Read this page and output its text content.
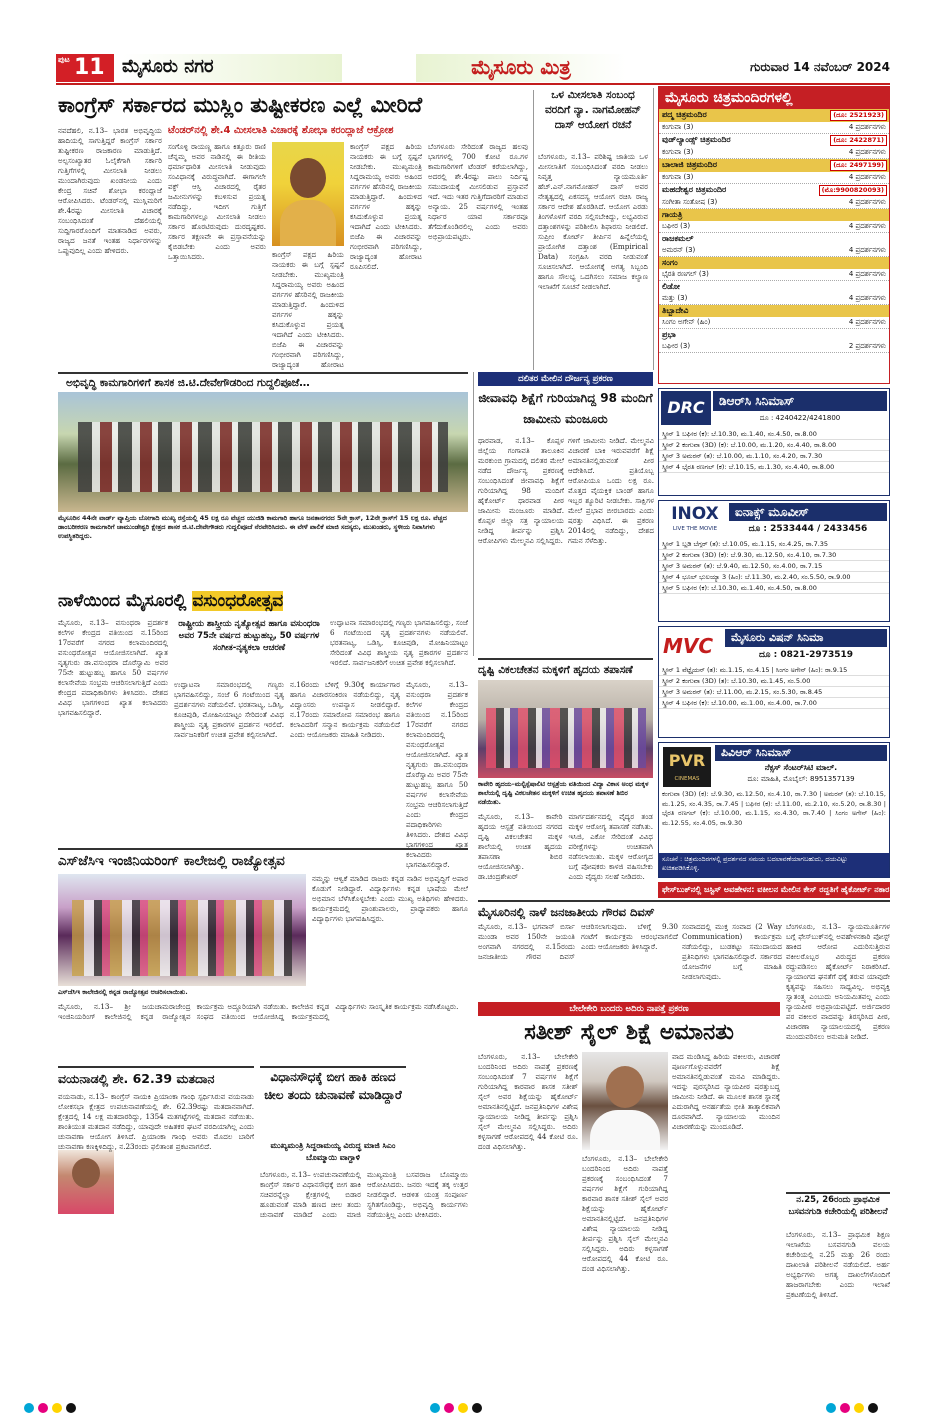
ಪುಟ 11 ಮೈಸೂರು ನಗರ	ಮೈಸೂರು ಮಿತ್ರ	ಗುರುವಾರ 14 ನವೆಂಬರ್ 2024
ಕಾಂಗ್ರೆಸ್ ಸರ್ಕಾರದ ಮುಸ್ಲಿಂ ತುಷ್ಟೀಕರಣ ಎಲ್ಲೆ ಮೀರಿದೆ
ನವದೆಹಲಿ, ನ.13– ಭಾರತ ಅಭಿವೃದ್ಧಿಯ ಹಾದಿಯಲ್ಲಿ ಸಾಗುತ್ತಿದ್ದರೆ ಕಾಂಗ್ರೆಸ್ ಸರ್ಕಾರ ತುಷ್ಟೀಕರಣ ರಾಜಕಾರಣ ಮಾಡುತ್ತಿದೆ. ಅಲ್ಪಸಂಖ್ಯಾತರ ಓಲೈಕೆಗಾಗಿ ಸರ್ಕಾರಿ ಗುತ್ತಿಗೆಗಳಲ್ಲಿ ಮೀಸಲಾತಿ ನೀಡಲು ಮುಂದಾಗಿರುವುದು ಖಂಡನೀಯ ಎಂದು ಕೇಂದ್ರ ಸಚಿವೆ ಶೋಭಾ ಕರಂದ್ಲಾಜೆ ಆರೋಪಿಸಿದರು. ಟೆಂಡರ್‌ನಲ್ಲಿ ಮುಸ್ಲಿಮರಿಗೆ ಶೇ.4ರಷ್ಟು ಮೀಸಲಾತಿ ವಿಚಾರಕ್ಕೆ ಸಂಬಂಧಿಸಿದಂತೆ ದೆಹಲಿಯಲ್ಲಿ ಸುದ್ದಿಗಾರರೊಂದಿಗೆ ಮಾತನಾಡಿದ ಅವರು, ರಾಜ್ಯದ ಜನತೆ ಇಂತಹ ನಿರ್ಧಾರಗಳನ್ನು ಒಪ್ಪುವುದಿಲ್ಲ ಎಂದು ಹೇಳಿದರು.
ಟೆಂಡರ್‌ನಲ್ಲಿ ಶೇ.4 ಮೀಸಲಾತಿ ವಿಚಾರಕ್ಕೆ ಶೋಭಾ ಕರಂದ್ಲಾಜೆ ಆಕ್ರೋಶ
ಸಂಗೊಳ್ಳಿ ರಾಯಣ್ಣ ಹಾಗೂ ಕಿತ್ತೂರು ರಾಣಿ ಚೆನ್ನಮ್ಮ ಅವರ ನಾಡಿನಲ್ಲಿ ಈ ರೀತಿಯ ಧರ್ಮಾಧಾರಿತ ಮೀಸಲಾತಿ ನೀಡುವುದು ಸಂವಿಧಾನಕ್ಕೆ ವಿರುದ್ಧವಾಗಿದೆ. ಈಗಾಗಲೇ ವಕ್ಫ್ ಆಸ್ತಿ ವಿಚಾರದಲ್ಲಿ ರೈತರ ಜಮೀನುಗಳನ್ನು ಕಬಳಿಸುವ ಪ್ರಯತ್ನ ನಡೆದಿದ್ದು, ಇದೀಗ ಗುತ್ತಿಗೆ ಕಾಮಗಾರಿಗಳಲ್ಲೂ ಮೀಸಲಾತಿ ನೀಡಲು ಸರ್ಕಾರ ಹೊರಟಿರುವುದು ದುರದೃಷ್ಟಕರ. ಸರ್ಕಾರ ತಕ್ಷಣವೇ ಈ ಪ್ರಸ್ತಾವನೆಯನ್ನು ಕೈಬಿಡಬೇಕು ಎಂದು ಅವರು ಒತ್ತಾಯಿಸಿದರು.	ಕಾಂಗ್ರೆಸ್ ಪಕ್ಷದ ಹಿರಿಯ ನಾಯಕರು ಈ ಬಗ್ಗೆ ಸ್ಪಷ್ಟನೆ ನೀಡಬೇಕು. ಮುಖ್ಯಮಂತ್ರಿ ಸಿದ್ದರಾಮಯ್ಯ ಅವರು ಅಹಿಂದ ವರ್ಗಗಳ ಹೆಸರಿನಲ್ಲಿ ರಾಜಕೀಯ ಮಾಡುತ್ತಿದ್ದಾರೆ. ಹಿಂದುಳಿದ ವರ್ಗಗಳ ಹಕ್ಕನ್ನು ಕಸಿದುಕೊಳ್ಳುವ ಪ್ರಯತ್ನ ಇದಾಗಿದೆ ಎಂದು ಟೀಕಿಸಿದರು. ಬಿಜೆಪಿ ಈ ವಿಚಾರವನ್ನು ಗಂಭೀರವಾಗಿ ಪರಿಗಣಿಸಿದ್ದು, ರಾಜ್ಯಾದ್ಯಂತ ಹೋರಾಟ
ಕಾಂಗ್ರೆಸ್ ಪಕ್ಷದ ಹಿರಿಯ ನಾಯಕರು ಈ ಬಗ್ಗೆ ಸ್ಪಷ್ಟನೆ ನೀಡಬೇಕು. ಮುಖ್ಯಮಂತ್ರಿ ಸಿದ್ದರಾಮಯ್ಯ ಅವರು ಅಹಿಂದ ವರ್ಗಗಳ ಹೆಸರಿನಲ್ಲಿ ರಾಜಕೀಯ ಮಾಡುತ್ತಿದ್ದಾರೆ. ಹಿಂದುಳಿದ ವರ್ಗಗಳ ಹಕ್ಕನ್ನು ಕಸಿದುಕೊಳ್ಳುವ ಪ್ರಯತ್ನ ಇದಾಗಿದೆ ಎಂದು ಟೀಕಿಸಿದರು. ಬಿಜೆಪಿ ಈ ವಿಚಾರವನ್ನು ಗಂಭೀರವಾಗಿ ಪರಿಗಣಿಸಿದ್ದು, ರಾಜ್ಯಾದ್ಯಂತ ಹೋರಾಟ ರೂಪಿಸಲಿದೆ.
ಬೆಂಗಳೂರು ಸೇರಿದಂತೆ ರಾಜ್ಯದ ಹಲವು ಭಾಗಗಳಲ್ಲಿ 700 ಕೋಟಿ ರೂ.ಗಳ ಕಾಮಗಾರಿಗಳಿಗೆ ಟೆಂಡರ್ ಕರೆಯಲಾಗಿದ್ದು, ಅದರಲ್ಲಿ ಶೇ.4ರಷ್ಟು ಪಾಲು ನಿರ್ದಿಷ್ಟ ಸಮುದಾಯಕ್ಕೆ ಮೀಸಲಿಡುವ ಪ್ರಸ್ತಾವನೆ ಇದೆ. ಇದು ಇತರ ಗುತ್ತಿಗೆದಾರರಿಗೆ ಮಾಡುವ ಅನ್ಯಾಯ. 25 ವರ್ಷಗಳಲ್ಲಿ ಇಂತಹ ನಿರ್ಧಾರ ಯಾವ ಸರ್ಕಾರವೂ ತೆಗೆದುಕೊಂಡಿರಲಿಲ್ಲ ಎಂದು ಅವರು ಅಭಿಪ್ರಾಯಪಟ್ಟರು.
ಒಳ ಮೀಸಲಾತಿ ಸಂಬಂಧ ವರದಿಗೆ ನ್ಯಾ. ನಾಗಮೋಹನ್ ದಾಸ್ ಆಯೋಗ ರಚನೆ
ಬೆಂಗಳೂರು, ನ.13– ಪರಿಶಿಷ್ಟ ಜಾತಿಯ ಒಳ ಮೀಸಲಾತಿಗೆ ಸಂಬಂಧಿಸಿದಂತೆ ವರದಿ ನೀಡಲು ನಿವೃತ್ತ ನ್ಯಾಯಮೂರ್ತಿ ಹೆಚ್.ಎನ್.ನಾಗಮೋಹನ್ ದಾಸ್ ಅವರ ನೇತೃತ್ವದಲ್ಲಿ ಏಕಸದಸ್ಯ ಆಯೋಗ ರಚಿಸಿ ರಾಜ್ಯ ಸರ್ಕಾರ ಆದೇಶ ಹೊರಡಿಸಿದೆ. ಆಯೋಗ ಎರಡು ತಿಂಗಳೊಳಗೆ ವರದಿ ಸಲ್ಲಿಸಬೇಕಿದ್ದು, ಲಭ್ಯವಿರುವ ದತ್ತಾಂಶಗಳನ್ನು ಪರಿಶೀಲಿಸಿ ಶಿಫಾರಸು ನೀಡಲಿದೆ. ಸುಪ್ರೀಂ ಕೋರ್ಟ್ ತೀರ್ಪಿನ ಹಿನ್ನೆಲೆಯಲ್ಲಿ ಪ್ರಾಯೋಗಿಕ ದತ್ತಾಂಶ (Empirical Data) ಸಂಗ್ರಹಿಸಿ ವರದಿ ನೀಡುವಂತೆ ಸೂಚಿಸಲಾಗಿದೆ. ಆಯೋಗಕ್ಕೆ ಅಗತ್ಯ ಸಿಬ್ಬಂದಿ ಹಾಗೂ ಸೌಲಭ್ಯ ಒದಗಿಸಲು ಸಮಾಜ ಕಲ್ಯಾಣ ಇಲಾಖೆಗೆ ಸೂಚನೆ ನೀಡಲಾಗಿದೆ.
ಮೈಸೂರು ಚಿತ್ರಮಂದಿರಗಳಲ್ಲಿ
ಪದ್ಮ ಚಿತ್ರಮಂದಿರ	(ದೂ: 2521923)
ಕಂಗುವಾ (3)	4 ಪ್ರದರ್ಶನಗಳು
ವುಡ್‌ಲ್ಯಾಂಡ್ಸ್ ಚಿತ್ರಮಂದಿರ	(ದೂ: 2422871)
ಕಂಗುವಾ (3)	4 ಪ್ರದರ್ಶನಗಳು
ಬಾಲಾಜಿ ಚಿತ್ರಮಂದಿರ	(ದೂ: 2497199)
ಕಂಗುವಾ (3)	4 ಪ್ರದರ್ಶನಗಳು
ಮಹದೇಶ್ವರ ಚಿತ್ರಮಂದಿರ	(ಮೊ:9900820093)
ಸಂಗೀತಾ ಸಂತೋಷ (3)	4 ಪ್ರದರ್ಶನಗಳು
ಗಾಯತ್ರಿ
ಬಘೀರ (3)	4 ಪ್ರದರ್ಶನಗಳು
ರಾಜಕಮಲ್
ಅಮರನ್ (3)	4 ಪ್ರದರ್ಶನಗಳು
ಸಂಗಂ
ಭೈರತಿ ರಣಗಲ್ (3)	4 ಪ್ರದರ್ಶನಗಳು
ಲಿಡೋ
ಮತ್ತು (3)	4 ಪ್ರದರ್ಶನಗಳು
ತಿಬ್ಬಾದೇವಿ
ಸಿಂಗಂ ಅಗೇನ್ (ಹಿಂ)	4 ಪ್ರದರ್ಶನಗಳು
ಪ್ರಭಾ
ಬಘೀರ (3)	2 ಪ್ರದರ್ಶನಗಳು
DRC	ಡಿಆರ್‌ಸಿ ಸಿನಿಮಾಸ್
ದೂ : 4240422/4241800
ಸ್ಕ್ರೀನ್ 1 ಬಘೀರ (ಕ): ಬೆ.10.30, ಮ.1.40, ಸಂ.4.50, ರಾ.8.00
ಸ್ಕ್ರೀನ್ 2 ಕಂಗುವಾ (3D) (ಕ): ಬೆ.10.00, ಮ.1.20, ಸಂ.4.40, ರಾ.8.00
ಸ್ಕ್ರೀನ್ 3 ಅಮರನ್ (ತ): ಬೆ.10.00, ಮ.1.10, ಸಂ.4.20, ರಾ.7.30
ಸ್ಕ್ರೀನ್ 4 ಭೈರತಿ ರಣಗಲ್ (ಕ): ಬೆ.10.15, ಮ.1.30, ಸಂ.4.40, ರಾ.8.00
INOX
LIVE THE MOVIE
ಐನಾಕ್ಸ್ ಮೂವೀಸ್
ದೂ : 2533444 / 2433456
ಸ್ಕ್ರೀನ್ 1 ಬ್ಲಡಿ ಬೆಗ್ಗರ್ (ತ): ಬೆ.10.05, ಮ.1.15, ಸಂ.4.25, ರಾ.7.35
ಸ್ಕ್ರೀನ್ 2 ಕಂಗುವಾ (3D) (ಕ): ಬೆ.9.30, ಮ.12.50, ಸಂ.4.10, ರಾ.7.30
ಸ್ಕ್ರೀನ್ 3 ಅಮರನ್ (ತ): ಬೆ.9.40, ಮ.12.50, ಸಂ.4.00, ರಾ.7.15
ಸ್ಕ್ರೀನ್ 4 ಭೂಲ್ ಭುಲಯ್ಯಾ 3 (ಹಿಂ): ಬೆ.11.30, ಮ.2.40, ಸಂ.5.50, ರಾ.9.00
ಸ್ಕ್ರೀನ್ 5 ಬಘೀರ (ಕ): ಬೆ.10.30, ಮ.1.40, ಸಂ.4.50, ರಾ.8.00
MVC	ಮೈಸೂರು ವಿಷನ್ ಸಿನಿಮಾ
ದೂ : 0821-2973519
ಸ್ಕ್ರೀನ್ 1 ವೆಟ್ಟೈಯನ್ (ತ): ಮ.1.15, ಸಂ.4.15 | ಸಿಂಗಂ ಅಗೇನ್ (ಹಿಂ): ರಾ.9.15
ಸ್ಕ್ರೀನ್ 2 ಕಂಗುವಾ (3D) (ತ): ಬೆ.10.30, ಮ.1.45, ಸಂ.5.00
ಸ್ಕ್ರೀನ್ 3 ಅಮರನ್ (ತ): ಬೆ.11.00, ಮ.2.15, ಸಂ.5.30, ರಾ.8.45
ಸ್ಕ್ರೀನ್ 4 ಬಘೀರ (ಕ): ಬೆ.10.00, ಮ.1.00, ಸಂ.4.00, ರಾ.7.00
PVR
CINEMAS
ಪಿವಿಆರ್ ಸಿನಿಮಾಸ್
ನೆಕ್ಸಸ್ ಸೆಂಟರ್‌ಸಿಟಿ ಮಾಲ್.
ದೂ: ಮಾಹಿತಿ, ಮೊಬೈಲ್: 8951357139
ಕಂಗುವಾ (3D) (ಕ): ಬೆ.9.30, ಮ.12.50, ಸಂ.4.10, ರಾ.7.30 | ಅಮರನ್ (ತ): ಬೆ.10.15, ಮ.1.25, ಸಂ.4.35, ರಾ.7.45 | ಬಘೀರ (ಕ): ಬೆ.11.00, ಮ.2.10, ಸಂ.5.20, ರಾ.8.30 | ಭೈರತಿ ರಣಗಲ್ (ಕ): ಬೆ.10.00, ಮ.1.15, ಸಂ.4.30, ರಾ.7.40 | ಸಿಂಗಂ ಅಗೇನ್ (ಹಿಂ): ಮ.12.55, ಸಂ.4.05, ರಾ.9.30
ಸೂಚನೆ : ಚಿತ್ರಮಂದಿರಗಳಲ್ಲಿ ಪ್ರದರ್ಶನದ ಸಮಯ ಬದಲಾವಣೆಯಾಗಬಹುದು, ದಯವಿಟ್ಟು ಖಚಿತಪಡಿಸಿಕೊಳ್ಳಿ.
ಅಭಿವೃದ್ಧಿ ಕಾಮಗಾರಿಗಳಿಗೆ ಶಾಸಕ ಜಿ.ಟಿ.ದೇವೇಗೌಡರಿಂದ ಗುದ್ದಲಿಪೂಜೆ…
ಮೈಸೂರಿನ 44ನೇ ವಾರ್ಡ್ ವ್ಯಾಪ್ತಿಯ ಬೋಗಾದಿ ಮುಖ್ಯ ರಸ್ತೆಯಲ್ಲಿ 45 ಲಕ್ಷ ರೂ ವೆಚ್ಚದ ಯುಜಿಡಿ ಕಾಮಗಾರಿ ಹಾಗೂ ಜನತಾನಗರದ 5ನೇ ಕ್ರಾಸ್, 12ನೇ ಕ್ರಾಸ್‌ಗೆ 15 ಲಕ್ಷ ರೂ. ವೆಚ್ಚದ ಡಾಂಬರೀಕರಣ ಕಾಮಗಾರಿಗೆ ಚಾಮುಂಡೇಶ್ವರಿ ಕ್ಷೇತ್ರದ ಶಾಸಕ ಜಿ.ಟಿ.ದೇವೇಗೌಡರು ಗುದ್ದಲಿಪೂಜೆ ನೆರವೇರಿಸಿದರು. ಈ ವೇಳೆ ಪಾಲಿಕೆ ಮಾಜಿ ಸದಸ್ಯರು, ಮುಖಂಡರು, ಸ್ಥಳೀಯ ನಿವಾಸಿಗಳು ಉಪಸ್ಥಿತರಿದ್ದರು.
ದಲಿತರ ಮೇಲಿನ ದೌರ್ಜನ್ಯ ಪ್ರಕರಣ
ಜೀವಾವಧಿ ಶಿಕ್ಷೆಗೆ ಗುರಿಯಾಗಿದ್ದ 98 ಮಂದಿಗೆ ಜಾಮೀನು ಮಂಜೂರು
ಧಾರವಾಡ, ನ.13– ಕೊಪ್ಪಳ ಜಿಲ್ಲೆಯ ಗಂಗಾವತಿ ತಾಲೂಕಿನ ಮರಕುಂಬಿ ಗ್ರಾಮದಲ್ಲಿ ದಲಿತರ ಮೇಲೆ ನಡೆದ ದೌರ್ಜನ್ಯ ಪ್ರಕರಣಕ್ಕೆ ಸಂಬಂಧಿಸಿದಂತೆ ಜೀವಾವಧಿ ಶಿಕ್ಷೆಗೆ ಗುರಿಯಾಗಿದ್ದ 98 ಮಂದಿಗೆ ಹೈಕೋರ್ಟ್ ಧಾರವಾಡ ಪೀಠ ಜಾಮೀನು ಮಂಜೂರು ಮಾಡಿದೆ. ಕೊಪ್ಪಳ ಜಿಲ್ಲಾ ಸತ್ರ ನ್ಯಾಯಾಲಯ ನೀಡಿದ್ದ ತೀರ್ಪನ್ನು ಪ್ರಶ್ನಿಸಿ ಆರೋಪಿಗಳು ಮೇಲ್ಮನವಿ ಸಲ್ಲಿಸಿದ್ದರು.
ಗಳಿಗೆ ಜಾಮೀನು ನೀಡಿದೆ. ಮೇಲ್ಮನವಿ ವಿಚಾರಣೆ ಬಾಕಿ ಇರುವವರೆಗೆ ಶಿಕ್ಷೆ ಅಮಾನತಿನಲ್ಲಿಡುವಂತೆ ಪೀಠ ಆದೇಶಿಸಿದೆ. ಪ್ರತಿಯೊಬ್ಬ ಆರೋಪಿಯೂ ಒಂದು ಲಕ್ಷ ರೂ. ಮೊತ್ತದ ವೈಯಕ್ತಿಕ ಬಾಂಡ್ ಹಾಗೂ ಇಬ್ಬರ ಶ್ಯೂರಿಟಿ ನೀಡಬೇಕು. ಸಾಕ್ಷಿಗಳ ಮೇಲೆ ಪ್ರಭಾವ ಬೀರಬಾರದು ಎಂದು ಷರತ್ತು ವಿಧಿಸಿದೆ. ಈ ಪ್ರಕರಣ 2014ರಲ್ಲಿ ನಡೆದಿದ್ದು, ದೇಶದ ಗಮನ ಸೆಳೆದಿತ್ತು.
ನಾಳೆಯಿಂದ ಮೈಸೂರಲ್ಲಿ ವಸುಂಧರೋತ್ಸವ
ಮೈಸೂರು, ನ.13– ವಸುಂಧರಾ ಪ್ರದರ್ಶಕ ಕಲೆಗಳ ಕೇಂದ್ರದ ವತಿಯಿಂದ ನ.15ರಿಂದ 17ರವರೆಗೆ ನಗರದ ಕಲಾಮಂದಿರದಲ್ಲಿ ವಸುಂಧರೋತ್ಸವ ಆಯೋಜಿಸಲಾಗಿದೆ. ಖ್ಯಾತ ನೃತ್ಯಗುರು ಡಾ.ವಸುಂಧರಾ ದೊರೆಸ್ವಾಮಿ ಅವರ 75ನೇ ಹುಟ್ಟುಹಬ್ಬ ಹಾಗೂ 50 ವರ್ಷಗಳ ಕಲಾಸೇವೆಯ ಸಂಭ್ರಮ ಆಚರಿಸಲಾಗುತ್ತಿದೆ ಎಂದು ಕೇಂದ್ರದ ಪದಾಧಿಕಾರಿಗಳು ತಿಳಿಸಿದರು. ದೇಶದ ವಿವಿಧ ಭಾಗಗಳಿಂದ ಖ್ಯಾತ ಕಲಾವಿದರು ಭಾಗವಹಿಸಲಿದ್ದಾರೆ.
ರಾಷ್ಟ್ರೀಯ ಶಾಸ್ತ್ರೀಯ ನೃತ್ಯೋತ್ಸವ ಹಾಗೂ ವಸುಂಧರಾ ಅವರ 75ನೇ ವರ್ಷದ ಹುಟ್ಟುಹಬ್ಬ, 50 ವರ್ಷಗಳ ಸಂಗೀತ-ನೃತ್ಯಕಲಾ ಆಚರಣೆ
ಉದ್ಘಾಟನಾ ಸಮಾರಂಭದಲ್ಲಿ ಗಣ್ಯರು ಭಾಗವಹಿಸಲಿದ್ದು, ಸಂಜೆ 6 ಗಂಟೆಯಿಂದ ನೃತ್ಯ ಪ್ರದರ್ಶನಗಳು ನಡೆಯಲಿವೆ. ಭರತನಾಟ್ಯ, ಒಡಿಸ್ಸಿ, ಕೂಚಿಪುಡಿ, ಮೋಹಿನಿಯಾಟ್ಟಂ ಸೇರಿದಂತೆ ವಿವಿಧ ಶಾಸ್ತ್ರೀಯ ನೃತ್ಯ ಪ್ರಕಾರಗಳ ಪ್ರದರ್ಶನ ಇರಲಿದೆ. ಸಾರ್ವಜನಿಕರಿಗೆ ಉಚಿತ ಪ್ರವೇಶ ಕಲ್ಪಿಸಲಾಗಿದೆ.
ನ.16ರಂದು ಬೆಳಿಗ್ಗೆ 9.30ಕ್ಕೆ ಕಾರ್ಯಾಗಾರ ಹಾಗೂ ವಿಚಾರಸಂಕಿರಣ ನಡೆಯಲಿದ್ದು, ನೃತ್ಯ ವಿದ್ವಾಂಸರು ಉಪನ್ಯಾಸ ನೀಡಲಿದ್ದಾರೆ. ನ.17ರಂದು ಸಮಾರೋಪ ಸಮಾರಂಭ ಹಾಗೂ ಕಲಾವಿದರಿಗೆ ಸನ್ಮಾನ ಕಾರ್ಯಕ್ರಮ ನಡೆಯಲಿದೆ ಎಂದು ಆಯೋಜಕರು ಮಾಹಿತಿ ನೀಡಿದರು.
ಉದ್ಘಾಟನಾ ಸಮಾರಂಭದಲ್ಲಿ ಗಣ್ಯರು ಭಾಗವಹಿಸಲಿದ್ದು, ಸಂಜೆ 6 ಗಂಟೆಯಿಂದ ನೃತ್ಯ ಪ್ರದರ್ಶನಗಳು ನಡೆಯಲಿವೆ. ಭರತನಾಟ್ಯ, ಒಡಿಸ್ಸಿ, ಕೂಚಿಪುಡಿ, ಮೋಹಿನಿಯಾಟ್ಟಂ ಸೇರಿದಂತೆ ವಿವಿಧ ಶಾಸ್ತ್ರೀಯ ನೃತ್ಯ ಪ್ರಕಾರಗಳ ಪ್ರದರ್ಶನ ಇರಲಿದೆ. ಸಾರ್ವಜನಿಕರಿಗೆ ಉಚಿತ ಪ್ರವೇಶ ಕಲ್ಪಿಸಲಾಗಿದೆ.
ಮೈಸೂರು, ನ.13– ವಸುಂಧರಾ ಪ್ರದರ್ಶಕ ಕಲೆಗಳ ಕೇಂದ್ರದ ವತಿಯಿಂದ ನ.15ರಿಂದ 17ರವರೆಗೆ ನಗರದ ಕಲಾಮಂದಿರದಲ್ಲಿ ವಸುಂಧರೋತ್ಸವ ಆಯೋಜಿಸಲಾಗಿದೆ. ಖ್ಯಾತ ನೃತ್ಯಗುರು ಡಾ.ವಸುಂಧರಾ ದೊರೆಸ್ವಾಮಿ ಅವರ 75ನೇ ಹುಟ್ಟುಹಬ್ಬ ಹಾಗೂ 50 ವರ್ಷಗಳ ಕಲಾಸೇವೆಯ ಸಂಭ್ರಮ ಆಚರಿಸಲಾಗುತ್ತಿದೆ ಎಂದು ಕೇಂದ್ರದ ಪದಾಧಿಕಾರಿಗಳು ತಿಳಿಸಿದರು. ದೇಶದ ವಿವಿಧ ಭಾಗಗಳಿಂದ ಖ್ಯಾತ ಕಲಾವಿದರು ಭಾಗವಹಿಸಲಿದ್ದಾರೆ.
ದೃಷ್ಟಿ ವಿಕಲಚೇತನ ಮಕ್ಕಳಿಗೆ ಹೃದಯ ತಪಾಸಣೆ
ಕಾವೇರಿ ಹೃದಯ–ಮಲ್ಟಿಸ್ಪೆಷಾಲಿಟಿ ಆಸ್ಪತ್ರೆಯ ವತಿಯಿಂದ ವಿದ್ಯಾ ವಿಕಾಸ ಅಂಧ ಮಕ್ಕಳ ಶಾಲೆಯಲ್ಲಿ ದೃಷ್ಟಿ ವಿಕಲಚೇತನ ಮಕ್ಕಳಿಗೆ ಉಚಿತ ಹೃದಯ ತಪಾಸಣೆ ಶಿಬಿರ ನಡೆಯಿತು.
ಮೈಸೂರು, ನ.13– ಕಾವೇರಿ ಹೃದಯ ಆಸ್ಪತ್ರೆ ವತಿಯಿಂದ ನಗರದ ದೃಷ್ಟಿ ವಿಕಲಚೇತನ ಮಕ್ಕಳ ಶಾಲೆಯಲ್ಲಿ ಉಚಿತ ಹೃದಯ ತಪಾಸಣಾ ಶಿಬಿರ ಆಯೋಜಿಸಲಾಗಿತ್ತು. ಡಾ.ಚಂದ್ರಶೇಖರ್ ಮಾರ್ಗದರ್ಶನದಲ್ಲಿ ವೈದ್ಯರ ತಂಡ ಮಕ್ಕಳ ಆರೋಗ್ಯ ತಪಾಸಣೆ ನಡೆಸಿತು. ಇಸಿಜಿ, ಎಕೋ ಸೇರಿದಂತೆ ವಿವಿಧ ಪರೀಕ್ಷೆಗಳನ್ನು ಉಚಿತವಾಗಿ ನಡೆಸಲಾಯಿತು. ಮಕ್ಕಳ ಆರೋಗ್ಯದ ಬಗ್ಗೆ ಪೋಷಕರು ಕಾಳಜಿ ವಹಿಸಬೇಕು ಎಂದು ವೈದ್ಯರು ಸಲಹೆ ನೀಡಿದರು.
ಎಸ್‌ಜೆಸಿಇ ಇಂಜಿನಿಯರಿಂಗ್ ಕಾಲೇಜಲ್ಲಿ ರಾಜ್ಯೋತ್ಸವ
ಎಸ್‌ಜೆಸಿಇ ಕಾಲೇಜಿನಲ್ಲಿ ಕನ್ನಡ ರಾಜ್ಯೋತ್ಸವ ಆಚರಿಸಲಾಯಿತು.
ನಮ್ಮನ್ನು ಆಳ್ವಿಕೆ ಮಾಡಿದ ರಾಜರು ಕನ್ನಡ ನಾಡಿನ ಅಭಿವೃದ್ಧಿಗೆ ಅಪಾರ ಕೊಡುಗೆ ನೀಡಿದ್ದಾರೆ. ವಿದ್ಯಾರ್ಥಿಗಳು ಕನ್ನಡ ಭಾಷೆಯ ಮೇಲೆ ಅಭಿಮಾನ ಬೆಳೆಸಿಕೊಳ್ಳಬೇಕು ಎಂದು ಮುಖ್ಯ ಅತಿಥಿಗಳು ಹೇಳಿದರು. ಕಾರ್ಯಕ್ರಮದಲ್ಲಿ ಪ್ರಾಂಶುಪಾಲರು, ಪ್ರಾಧ್ಯಾಪಕರು ಹಾಗೂ ವಿದ್ಯಾರ್ಥಿಗಳು ಭಾಗವಹಿಸಿದ್ದರು.
ಮೈಸೂರು, ನ.13– ಶ್ರೀ ಜಯಚಾಮರಾಜೇಂದ್ರ ಇಂಜಿನಿಯರಿಂಗ್ ಕಾಲೇಜಿನಲ್ಲಿ ಕನ್ನಡ ರಾಜ್ಯೋತ್ಸವ ಕಾರ್ಯಕ್ರಮ ಅದ್ದೂರಿಯಾಗಿ ನಡೆಯಿತು. ಕಾಲೇಜಿನ ಕನ್ನಡ ಸಂಘದ ವತಿಯಿಂದ ಆಯೋಜಿಸಿದ್ದ ಕಾರ್ಯಕ್ರಮದಲ್ಲಿ ವಿದ್ಯಾರ್ಥಿಗಳು ಸಾಂಸ್ಕೃತಿಕ ಕಾರ್ಯಕ್ರಮ ನಡೆಸಿಕೊಟ್ಟರು.
ಮೈಸೂರಿನಲ್ಲಿ ನಾಳೆ ಜನಜಾತೀಯ ಗೌರವ ದಿವಸ್
ಮೈಸೂರು, ನ.13– ಭಗವಾನ್ ಬಿರ್ಸಾ ಮುಂಡಾ ಅವರ 150ನೇ ಜಯಂತಿ ಅಂಗವಾಗಿ ನಗರದಲ್ಲಿ ನ.15ರಂದು ಜನಜಾತೀಯ ಗೌರವ ದಿವಸ್ ಆಚರಿಸಲಾಗುವುದು. ಬೆಳಿಗ್ಗೆ 9.30 ಗಂಟೆಗೆ ಕಾರ್ಯಕ್ರಮ ಆರಂಭವಾಗಲಿದೆ ಎಂದು ಆಯೋಜಕರು ತಿಳಿಸಿದ್ದಾರೆ.
ಸಂವಾದದಲ್ಲಿ ಮುಕ್ತ ಸಂವಾದ (2 Way Communication) ಕಾರ್ಯಕ್ರಮ ನಡೆಯಲಿದ್ದು, ಬುಡಕಟ್ಟು ಸಮುದಾಯದ ಪ್ರತಿನಿಧಿಗಳು ಭಾಗವಹಿಸಲಿದ್ದಾರೆ. ಸರ್ಕಾರದ ಯೋಜನೆಗಳ ಬಗ್ಗೆ ಮಾಹಿತಿ ನೀಡಲಾಗುವುದು.
ಫೇಸ್‌ಬುಕ್‌ನಲ್ಲಿ ಜಸ್ಟಿಸ್ ಅವಹೇಳನ: ವಕೀಲನ ಮೇಲಿನ ಕೇಸ್ ರದ್ದತಿಗೆ ಹೈಕೋರ್ಟ್ ನಕಾರ
ಬೆಂಗಳೂರು, ನ.13– ನ್ಯಾಯಮೂರ್ತಿಗಳ ಬಗ್ಗೆ ಫೇಸ್‌ಬುಕ್‌ನಲ್ಲಿ ಅವಹೇಳನಕಾರಿ ಪೋಸ್ಟ್ ಹಾಕಿದ ಆರೋಪ ಎದುರಿಸುತ್ತಿರುವ ವಕೀಲರೊಬ್ಬರ ವಿರುದ್ಧದ ಪ್ರಕರಣ ರದ್ದುಪಡಿಸಲು ಹೈಕೋರ್ಟ್ ನಿರಾಕರಿಸಿದೆ. ನ್ಯಾಯಾಂಗದ ಘನತೆಗೆ ಧಕ್ಕೆ ತರುವ ಯಾವುದೇ ಕೃತ್ಯವನ್ನು ಸಹಿಸಲು ಸಾಧ್ಯವಿಲ್ಲ. ಅಭಿವ್ಯಕ್ತಿ ಸ್ವಾತಂತ್ರ್ಯ ಎಂಬುದು ಅನಿಯಮಿತವಲ್ಲ ಎಂದು ನ್ಯಾಯಪೀಠ ಅಭಿಪ್ರಾಯಪಟ್ಟಿದೆ. ಅರ್ಜಿದಾರರ ಪರ ವಕೀಲರ ವಾದವನ್ನು ತಿರಸ್ಕರಿಸಿದ ಪೀಠ, ವಿಚಾರಣಾ ನ್ಯಾಯಾಲಯದಲ್ಲಿ ಪ್ರಕರಣ ಮುಂದುವರಿಸಲು ಅನುಮತಿ ನೀಡಿದೆ.
ಬೇಲೇಕೇರಿ ಬಂದರು ಅದಿರು ನಾಪತ್ತೆ ಪ್ರಕರಣ
ಸತೀಶ್ ಸೈಲ್ ಶಿಕ್ಷೆ ಅಮಾನತು
ಬೆಂಗಳೂರು, ನ.13– ಬೇಲೇಕೇರಿ ಬಂದರಿನಿಂದ ಅದಿರು ನಾಪತ್ತೆ ಪ್ರಕರಣಕ್ಕೆ ಸಂಬಂಧಿಸಿದಂತೆ 7 ವರ್ಷಗಳ ಶಿಕ್ಷೆಗೆ ಗುರಿಯಾಗಿದ್ದ ಕಾರವಾರ ಶಾಸಕ ಸತೀಶ್ ಸೈಲ್ ಅವರ ಶಿಕ್ಷೆಯನ್ನು ಹೈಕೋರ್ಟ್ ಅಮಾನತಿನಲ್ಲಿಟ್ಟಿದೆ. ಜನಪ್ರತಿನಿಧಿಗಳ ವಿಶೇಷ ನ್ಯಾಯಾಲಯ ನೀಡಿದ್ದ ತೀರ್ಪನ್ನು ಪ್ರಶ್ನಿಸಿ ಸೈಲ್ ಮೇಲ್ಮನವಿ ಸಲ್ಲಿಸಿದ್ದರು. ಅದಿರು ಕಳ್ಳಸಾಗಣೆ ಆರೋಪದಲ್ಲಿ 44 ಕೋಟಿ ರೂ. ದಂಡ ವಿಧಿಸಲಾಗಿತ್ತು.
ಬೆಂಗಳೂರು, ನ.13– ಬೇಲೇಕೇರಿ ಬಂದರಿನಿಂದ ಅದಿರು ನಾಪತ್ತೆ ಪ್ರಕರಣಕ್ಕೆ ಸಂಬಂಧಿಸಿದಂತೆ 7 ವರ್ಷಗಳ ಶಿಕ್ಷೆಗೆ ಗುರಿಯಾಗಿದ್ದ ಕಾರವಾರ ಶಾಸಕ ಸತೀಶ್ ಸೈಲ್ ಅವರ ಶಿಕ್ಷೆಯನ್ನು ಹೈಕೋರ್ಟ್ ಅಮಾನತಿನಲ್ಲಿಟ್ಟಿದೆ. ಜನಪ್ರತಿನಿಧಿಗಳ ವಿಶೇಷ ನ್ಯಾಯಾಲಯ ನೀಡಿದ್ದ ತೀರ್ಪನ್ನು ಪ್ರಶ್ನಿಸಿ ಸೈಲ್ ಮೇಲ್ಮನವಿ ಸಲ್ಲಿಸಿದ್ದರು. ಅದಿರು ಕಳ್ಳಸಾಗಣೆ ಆರೋಪದಲ್ಲಿ 44 ಕೋಟಿ ರೂ. ದಂಡ ವಿಧಿಸಲಾಗಿತ್ತು.
ವಾದ ಮಂಡಿಸಿದ್ದ ಹಿರಿಯ ವಕೀಲರು, ವಿಚಾರಣೆ ಪೂರ್ಣಗೊಳ್ಳುವವರೆಗೆ ಶಿಕ್ಷೆ ಅಮಾನತಿನಲ್ಲಿಡುವಂತೆ ಮನವಿ ಮಾಡಿದ್ದರು. ಇದನ್ನು ಪುರಸ್ಕರಿಸಿದ ನ್ಯಾಯಪೀಠ ಷರತ್ತುಬದ್ಧ ಜಾಮೀನು ನೀಡಿದೆ. ಈ ಮೂಲಕ ಶಾಸಕ ಸ್ಥಾನಕ್ಕೆ ಎದುರಾಗಿದ್ದ ಅನರ್ಹತೆಯ ಭೀತಿ ತಾತ್ಕಾಲಿಕವಾಗಿ ದೂರವಾಗಿದೆ. ನ್ಯಾಯಾಲಯ ಮುಂದಿನ ವಿಚಾರಣೆಯನ್ನು ಮುಂದೂಡಿದೆ.
ವಯನಾಡಲ್ಲಿ ಶೇ. 62.39 ಮತದಾನ
ವಯನಾಡು, ನ.13– ಕಾಂಗ್ರೆಸ್ ನಾಯಕಿ ಪ್ರಿಯಾಂಕಾ ಗಾಂಧಿ ಸ್ಪರ್ಧಿಸಿರುವ ವಯನಾಡು ಲೋಕಸಭಾ ಕ್ಷೇತ್ರದ ಉಪಚುನಾವಣೆಯಲ್ಲಿ ಶೇ. 62.39ರಷ್ಟು ಮತದಾನವಾಗಿದೆ. ಕ್ಷೇತ್ರದಲ್ಲಿ 14 ಲಕ್ಷ ಮತದಾರರಿದ್ದು, 1354 ಮತಗಟ್ಟೆಗಳಲ್ಲಿ ಮತದಾನ ನಡೆಯಿತು. ಶಾಂತಿಯುತ ಮತದಾನ ನಡೆದಿದ್ದು, ಯಾವುದೇ ಅಹಿತಕರ ಘಟನೆ ವರದಿಯಾಗಿಲ್ಲ ಎಂದು ಚುನಾವಣಾ ಆಯೋಗ ತಿಳಿಸಿದೆ. ಪ್ರಿಯಾಂಕಾ ಗಾಂಧಿ ಅವರು ಮೊದಲ ಬಾರಿಗೆ ಚುನಾವಣಾ ಕಣಕ್ಕಿಳಿದಿದ್ದು, ನ.23ರಂದು ಫಲಿತಾಂಶ ಪ್ರಕಟವಾಗಲಿದೆ.
ವಿಧಾನಸೌಧಕ್ಕೆ ಬೀಗ ಹಾಕಿ ಹಣದ ಚೀಲ ತಂದು ಚುನಾವಣೆ ಮಾಡಿದ್ದಾರೆ
ಮುಖ್ಯಮಂತ್ರಿ ಸಿದ್ದರಾಮಯ್ಯ ವಿರುದ್ಧ ಮಾಜಿ ಸಿಎಂ ಬೊಮ್ಮಾಯಿ ವಾಗ್ದಾಳಿ
ಬೆಂಗಳೂರು, ನ.13– ಉಪಚುನಾವಣೆಯಲ್ಲಿ ಕಾಂಗ್ರೆಸ್ ಸರ್ಕಾರ ವಿಧಾನಸೌಧಕ್ಕೆ ಬೀಗ ಹಾಕಿ ಸಚಿವರನ್ನೆಲ್ಲಾ ಕ್ಷೇತ್ರಗಳಲ್ಲಿ ಬಿಡಾರ ಹೂಡುವಂತೆ ಮಾಡಿ ಹಣದ ಚೀಲ ತಂದು ಚುನಾವಣೆ ಮಾಡಿದೆ ಎಂದು ಮಾಜಿ ಮುಖ್ಯಮಂತ್ರಿ ಬಸವರಾಜ ಬೊಮ್ಮಾಯಿ ಆರೋಪಿಸಿದರು. ಜನರು ಇದಕ್ಕೆ ತಕ್ಕ ಉತ್ತರ ನೀಡಲಿದ್ದಾರೆ. ಆಡಳಿತ ಯಂತ್ರ ಸಂಪೂರ್ಣ ಸ್ಥಗಿತಗೊಂಡಿದ್ದು, ಅಭಿವೃದ್ಧಿ ಕಾರ್ಯಗಳು ನಡೆಯುತ್ತಿಲ್ಲ ಎಂದು ಟೀಕಿಸಿದರು.
ನ.25, 26ರಂದು ಪ್ರಾಥಮಿಕ ಬಸವನಗುಡಿ ಕಚೇರಿಯಲ್ಲಿ ಪರಿಶೀಲನೆ
ಬೆಂಗಳೂರು, ನ.13– ಪ್ರಾಥಮಿಕ ಶಿಕ್ಷಣ ಇಲಾಖೆಯ ಬಸವನಗುಡಿ ವಲಯ ಕಚೇರಿಯಲ್ಲಿ ನ.25 ಮತ್ತು 26 ರಂದು ದಾಖಲಾತಿ ಪರಿಶೀಲನೆ ನಡೆಯಲಿದೆ. ಅರ್ಹ ಅಭ್ಯರ್ಥಿಗಳು ಅಗತ್ಯ ದಾಖಲೆಗಳೊಂದಿಗೆ ಹಾಜರಾಗಬೇಕು ಎಂದು ಇಲಾಖೆ ಪ್ರಕಟಣೆಯಲ್ಲಿ ತಿಳಿಸಿದೆ.
